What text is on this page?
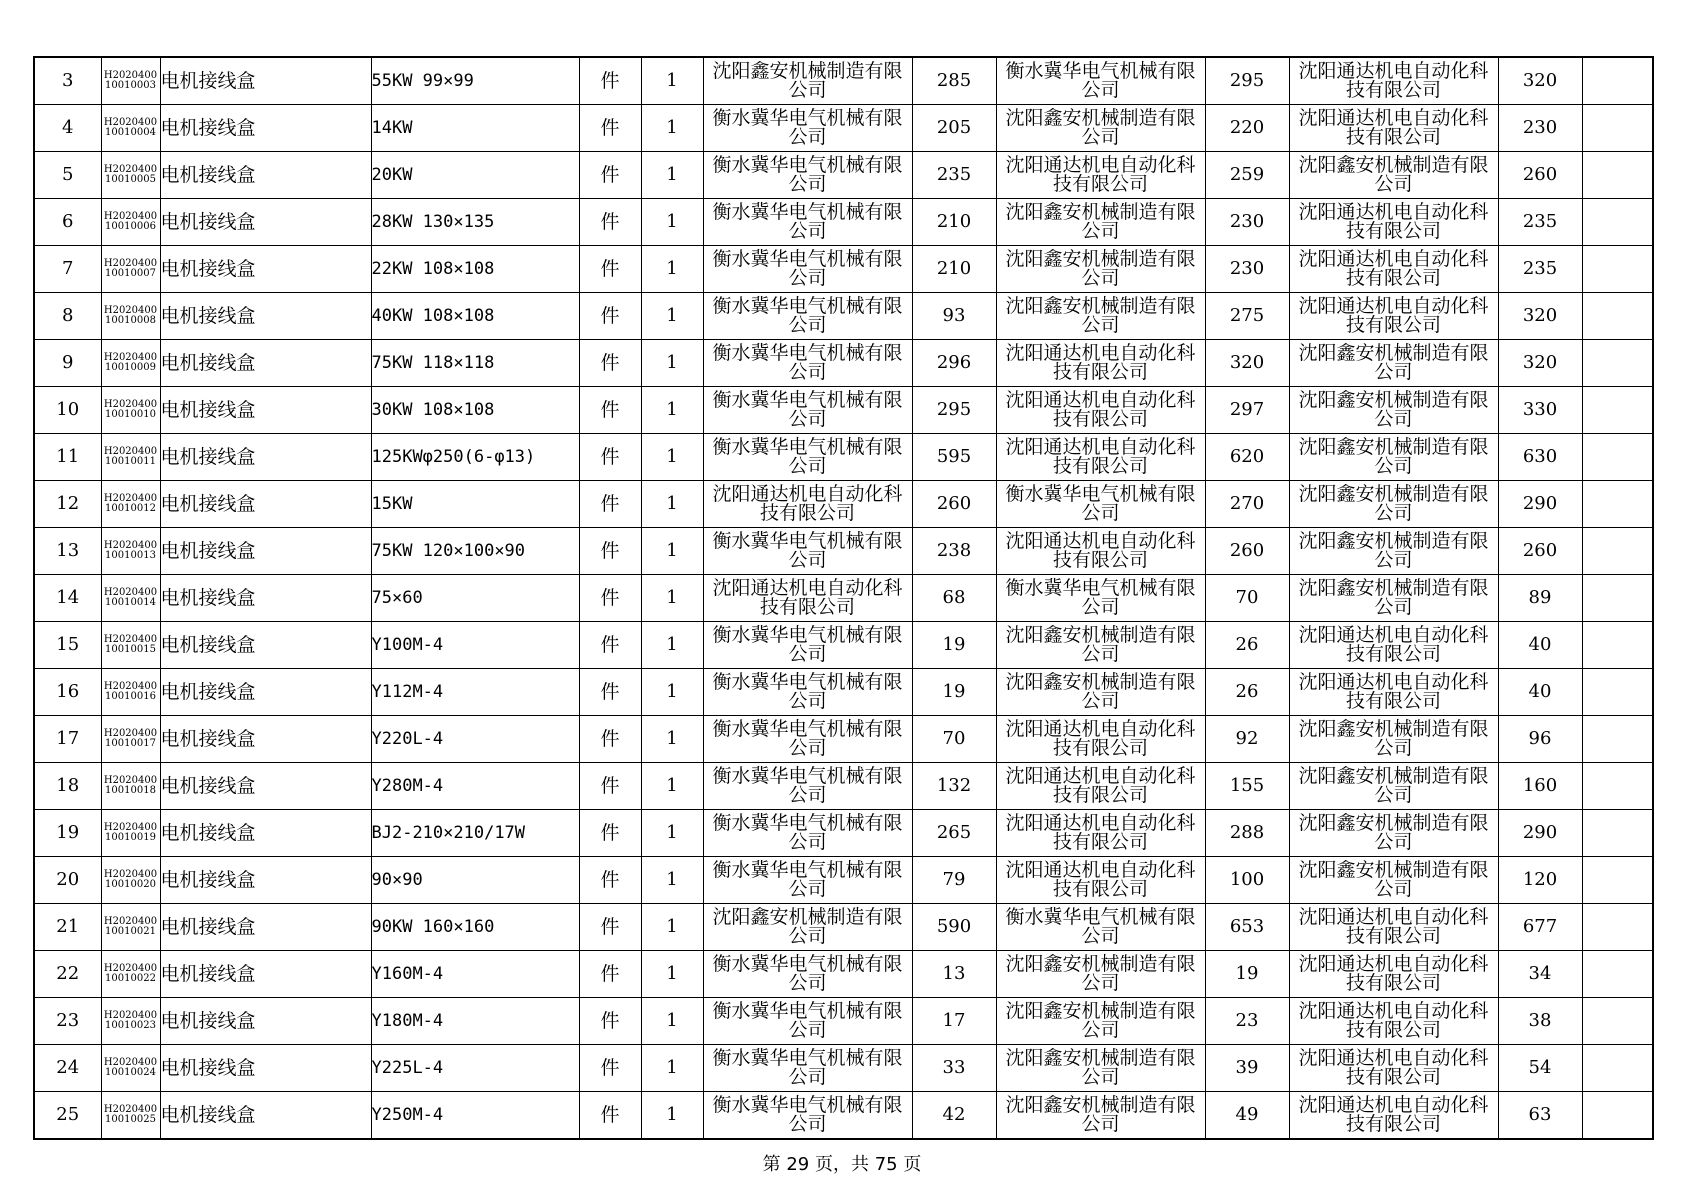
3	H202040010010003	电机接线盒	55KW 99×99	件	1	沈阳鑫安机械制造有限公司	285	衡水冀华电气机械有限公司	295	沈阳通达机电自动化科技有限公司	320	
4	H202040010010004	电机接线盒	14KW	件	1	衡水冀华电气机械有限公司	205	沈阳鑫安机械制造有限公司	220	沈阳通达机电自动化科技有限公司	230	
5	H202040010010005	电机接线盒	20KW	件	1	衡水冀华电气机械有限公司	235	沈阳通达机电自动化科技有限公司	259	沈阳鑫安机械制造有限公司	260	
6	H202040010010006	电机接线盒	28KW 130×135	件	1	衡水冀华电气机械有限公司	210	沈阳鑫安机械制造有限公司	230	沈阳通达机电自动化科技有限公司	235	
7	H202040010010007	电机接线盒	22KW 108×108	件	1	衡水冀华电气机械有限公司	210	沈阳鑫安机械制造有限公司	230	沈阳通达机电自动化科技有限公司	235	
8	H202040010010008	电机接线盒	40KW 108×108	件	1	衡水冀华电气机械有限公司	93	沈阳鑫安机械制造有限公司	275	沈阳通达机电自动化科技有限公司	320	
9	H202040010010009	电机接线盒	75KW 118×118	件	1	衡水冀华电气机械有限公司	296	沈阳通达机电自动化科技有限公司	320	沈阳鑫安机械制造有限公司	320	
10	H202040010010010	电机接线盒	30KW 108×108	件	1	衡水冀华电气机械有限公司	295	沈阳通达机电自动化科技有限公司	297	沈阳鑫安机械制造有限公司	330	
11	H202040010010011	电机接线盒	125KWφ250(6-φ13)	件	1	衡水冀华电气机械有限公司	595	沈阳通达机电自动化科技有限公司	620	沈阳鑫安机械制造有限公司	630	
12	H202040010010012	电机接线盒	15KW	件	1	沈阳通达机电自动化科技有限公司	260	衡水冀华电气机械有限公司	270	沈阳鑫安机械制造有限公司	290	
13	H202040010010013	电机接线盒	75KW 120×100×90	件	1	衡水冀华电气机械有限公司	238	沈阳通达机电自动化科技有限公司	260	沈阳鑫安机械制造有限公司	260	
14	H202040010010014	电机接线盒	75×60	件	1	沈阳通达机电自动化科技有限公司	68	衡水冀华电气机械有限公司	70	沈阳鑫安机械制造有限公司	89	
15	H202040010010015	电机接线盒	Y100M-4	件	1	衡水冀华电气机械有限公司	19	沈阳鑫安机械制造有限公司	26	沈阳通达机电自动化科技有限公司	40	
16	H202040010010016	电机接线盒	Y112M-4	件	1	衡水冀华电气机械有限公司	19	沈阳鑫安机械制造有限公司	26	沈阳通达机电自动化科技有限公司	40	
17	H202040010010017	电机接线盒	Y220L-4	件	1	衡水冀华电气机械有限公司	70	沈阳通达机电自动化科技有限公司	92	沈阳鑫安机械制造有限公司	96	
18	H202040010010018	电机接线盒	Y280M-4	件	1	衡水冀华电气机械有限公司	132	沈阳通达机电自动化科技有限公司	155	沈阳鑫安机械制造有限公司	160	
19	H202040010010019	电机接线盒	BJ2-210×210/17W	件	1	衡水冀华电气机械有限公司	265	沈阳通达机电自动化科技有限公司	288	沈阳鑫安机械制造有限公司	290	
20	H202040010010020	电机接线盒	90×90	件	1	衡水冀华电气机械有限公司	79	沈阳通达机电自动化科技有限公司	100	沈阳鑫安机械制造有限公司	120	
21	H202040010010021	电机接线盒	90KW 160×160	件	1	沈阳鑫安机械制造有限公司	590	衡水冀华电气机械有限公司	653	沈阳通达机电自动化科技有限公司	677	
22	H202040010010022	电机接线盒	Y160M-4	件	1	衡水冀华电气机械有限公司	13	沈阳鑫安机械制造有限公司	19	沈阳通达机电自动化科技有限公司	34	
23	H202040010010023	电机接线盒	Y180M-4	件	1	衡水冀华电气机械有限公司	17	沈阳鑫安机械制造有限公司	23	沈阳通达机电自动化科技有限公司	38	
24	H202040010010024	电机接线盒	Y225L-4	件	1	衡水冀华电气机械有限公司	33	沈阳鑫安机械制造有限公司	39	沈阳通达机电自动化科技有限公司	54	
25	H202040010010025	电机接线盒	Y250M-4	件	1	衡水冀华电气机械有限公司	42	沈阳鑫安机械制造有限公司	49	沈阳通达机电自动化科技有限公司	63	
第 29 页，共 75 页
